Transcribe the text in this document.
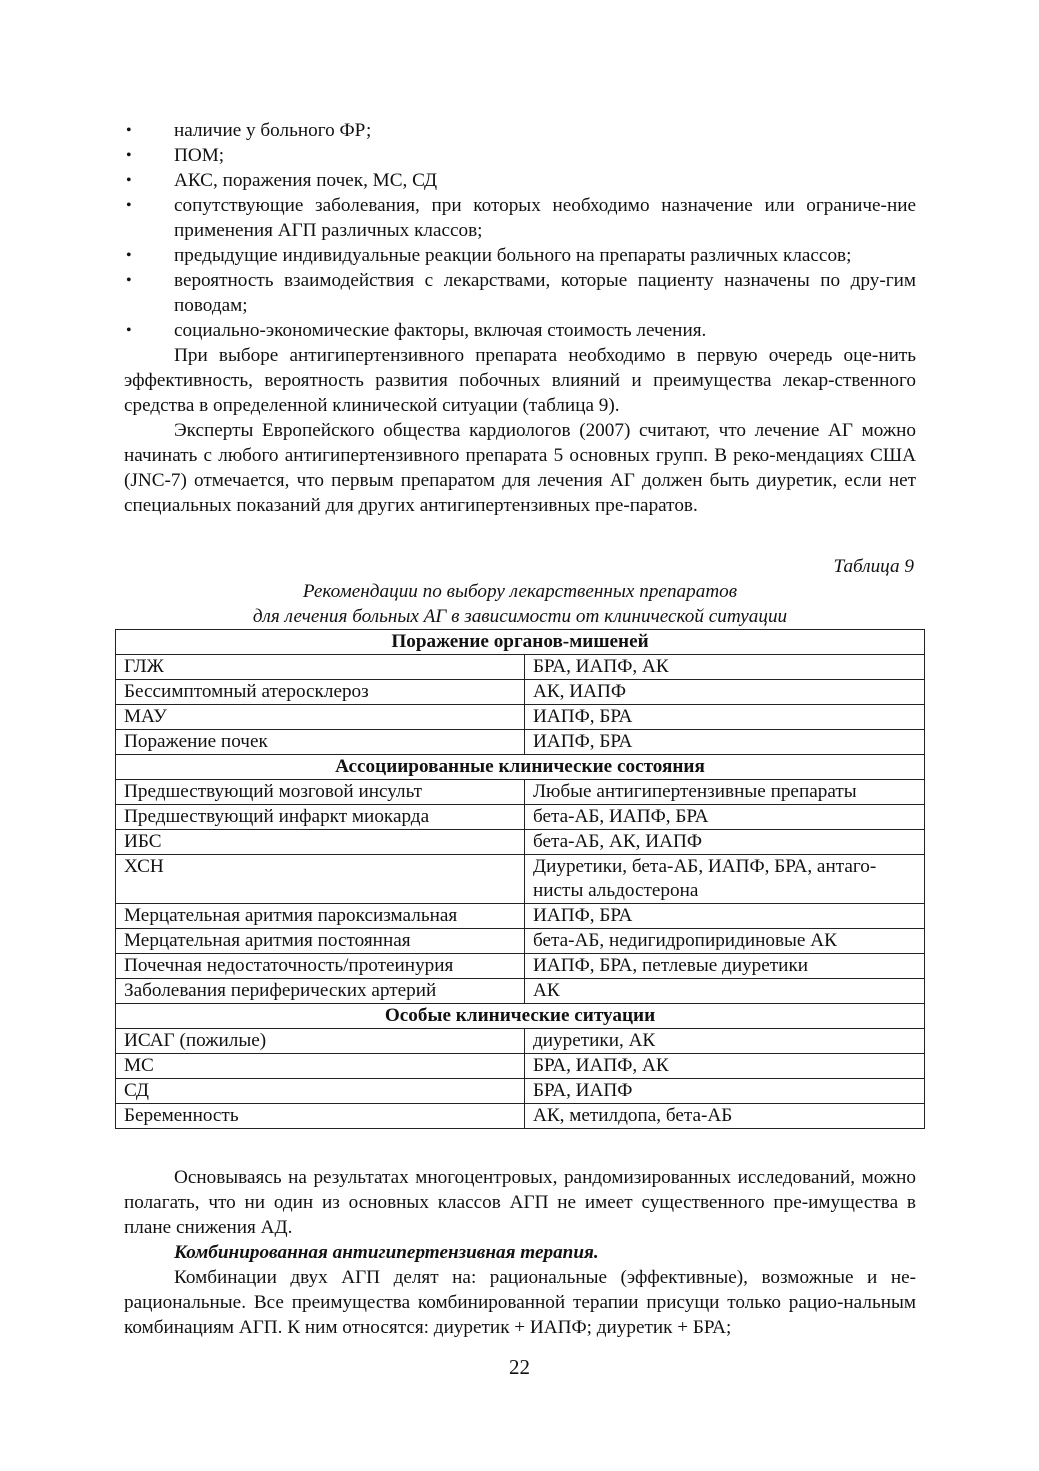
• наличие у больного ФР;
• ПОМ;
• АКС, поражения почек, МС, СД
• сопутствующие заболевания, при которых необходимо назначение или ограниче-ние применения АГП различных классов;
• предыдущие индивидуальные реакции больного на препараты различных классов;
• вероятность взаимодействия с лекарствами, которые пациенту назначены по дру-гим поводам;
• социально-экономические факторы, включая стоимость лечения.

При выборе антигипертензивного препарата необходимо в первую очередь оце-нить эффективность, вероятность развития побочных влияний и преимущества лекар-ственного средства в определенной клинической ситуации (таблица 9).

Эксперты Европейского общества кардиологов (2007) считают, что лечение АГ можно начинать с любого антигипертензивного препарата 5 основных групп. В реко-мендациях США (JNC-7) отмечается, что первым препаратом для лечения АГ должен быть диуретик, если нет специальных показаний для других антигипертензивных пре-паратов.

Таблица 9
Рекомендации по выбору лекарственных препаратов
для лечения больных АГ в зависимости от клинической ситуации
Поражение органов-мишеней	
ГЛЖ	БРА, ИАПФ, АК
Бессимптомный атеросклероз	АК, ИАПФ
МАУ	ИАПФ, БРА
Поражение почек	ИАПФ, БРА
Ассоциированные клинические состояния	
Предшествующий мозговой инсульт	Любые антигипертензивные препараты
Предшествующий инфаркт миокарда	бета-АБ, ИАПФ, БРА
ИБС	бета-АБ, АК, ИАПФ
ХСН	Диуретики, бета-АБ, ИАПФ, БРА, антаго-нисты альдостерона
Мерцательная аритмия пароксизмальная	ИАПФ, БРА
Мерцательная аритмия постоянная	бета-АБ, недигидропиридиновые АК
Почечная недостаточность/протеинурия	ИАПФ, БРА, петлевые диуретики
Заболевания периферических артерий	АК
Особые клинические ситуации	
ИСАГ (пожилые)	диуретики, АК
МС	БРА, ИАПФ, АК
СД	БРА, ИАПФ
Беременность	АК, метилдопа, бета-АБ

Основываясь на результатах многоцентровых, рандомизированных исследований, можно полагать, что ни один из основных классов АГП не имеет существенного пре-имущества в плане снижения АД.

Комбинированная антигипертензивная терапия.

Комбинации двух АГП делят на: рациональные (эффективные), возможные и не-рациональные. Все преимущества комбинированной терапии присущи только рацио-нальным комбинациям АГП. К ним относятся: диуретик + ИАПФ; диуретик + БРА;

22
